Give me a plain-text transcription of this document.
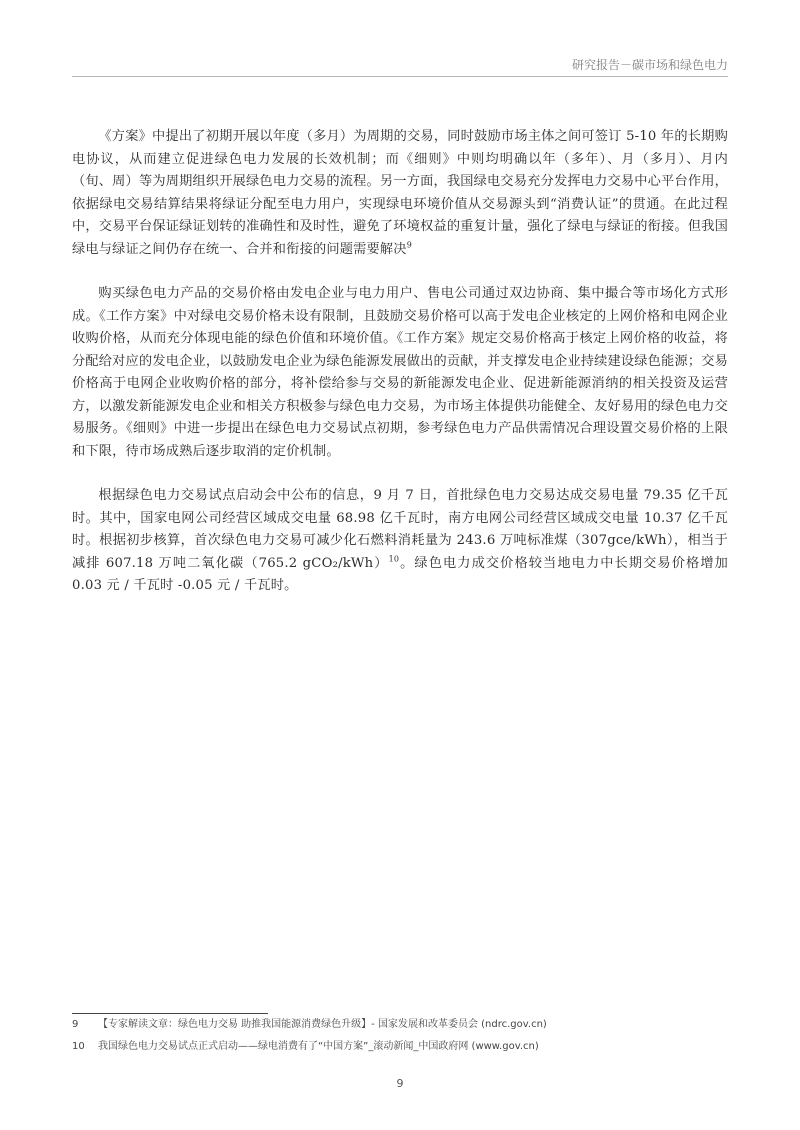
研究报告－碳市场和绿色电力

《方案》中提出了初期开展以年度（多月）为周期的交易，同时鼓励市场主体之间可签订 5-10 年的长期购电协议，从而建立促进绿色电力发展的长效机制；而《细则》中则均明确以年（多年）、月（多月）、月内（旬、周）等为周期组织开展绿色电力交易的流程。另一方面，我国绿电交易充分发挥电力交易中心平台作用，依据绿电交易结算结果将绿证分配至电力用户，实现绿电环境价值从交易源头到“消费认证”的贯通。在此过程中，交易平台保证绿证划转的准确性和及时性，避免了环境权益的重复计量，强化了绿电与绿证的衔接。但我国绿电与绿证之间仍存在统一、合并和衔接的问题需要解决$^9$

购买绿色电力产品的交易价格由发电企业与电力用户、售电公司通过双边协商、集中撮合等市场化方式形成。《工作方案》中对绿电交易价格未设有限制，且鼓励交易价格可以高于发电企业核定的上网价格和电网企业收购价格，从而充分体现电能的绿色价值和环境价值。《工作方案》规定交易价格高于核定上网价格的收益，将分配给对应的发电企业，以鼓励发电企业为绿色能源发展做出的贡献，并支撑发电企业持续建设绿色能源；交易价格高于电网企业收购价格的部分，将补偿给参与交易的新能源发电企业、促进新能源消纳的相关投资及运营方，以激发新能源发电企业和相关方积极参与绿色电力交易，为市场主体提供功能健全、友好易用的绿色电力交易服务。《细则》中进一步提出在绿色电力交易试点初期，参考绿色电力产品供需情况合理设置交易价格的上限和下限，待市场成熟后逐步取消的定价机制。

根据绿色电力交易试点启动会中公布的信息，9 月 7 日，首批绿色电力交易达成交易电量 79.35 亿千瓦时。其中，国家电网公司经营区域成交电量 68.98 亿千瓦时，南方电网公司经营区域成交电量 10.37 亿千瓦时。根据初步核算，首次绿色电力交易可减少化石燃料消耗量为 243.6 万吨标准煤（307gce/kWh），相当于减排 607.18 万吨二氧化碳（765.2 gCO₂/kWh）$^{10}$。绿色电力成交价格较当地电力中长期交易价格增加 0.03 元 / 千瓦时 -0.05 元 / 千瓦时。

9	【专家解读文章：绿色电力交易 助推我国能源消费绿色升级】- 国家发展和改革委员会 (ndrc.gov.cn)
10	我国绿色电力交易试点正式启动——绿电消费有了“中国方案”_滚动新闻_中国政府网 (www.gov.cn)
9
